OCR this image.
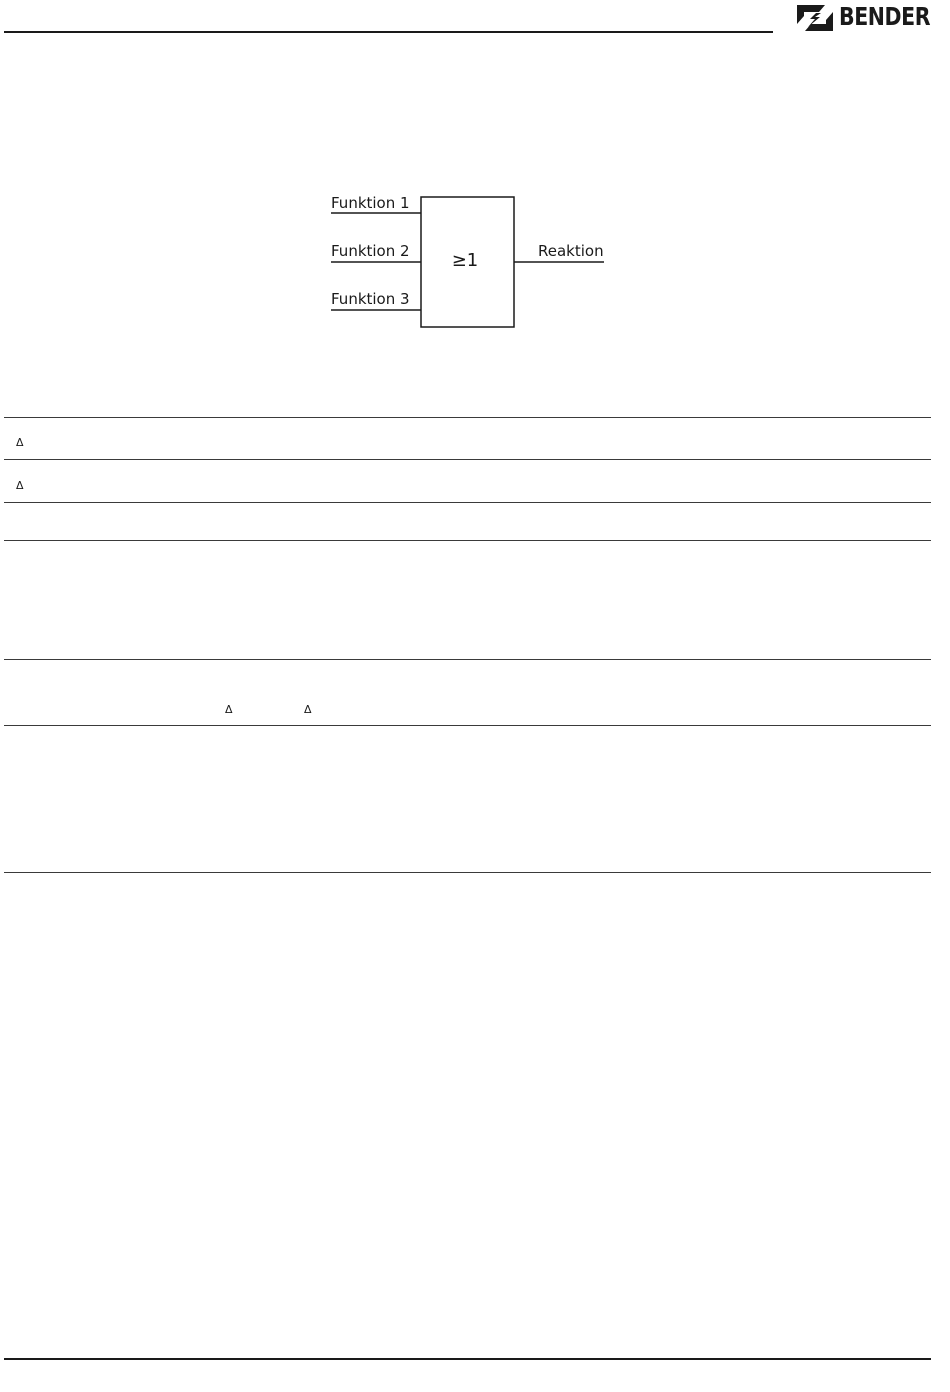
BENDER
Funktion 1
Funktion 2
Funktion 3
≥1	Reaktion
Δ
Δ
Δ	Δ
